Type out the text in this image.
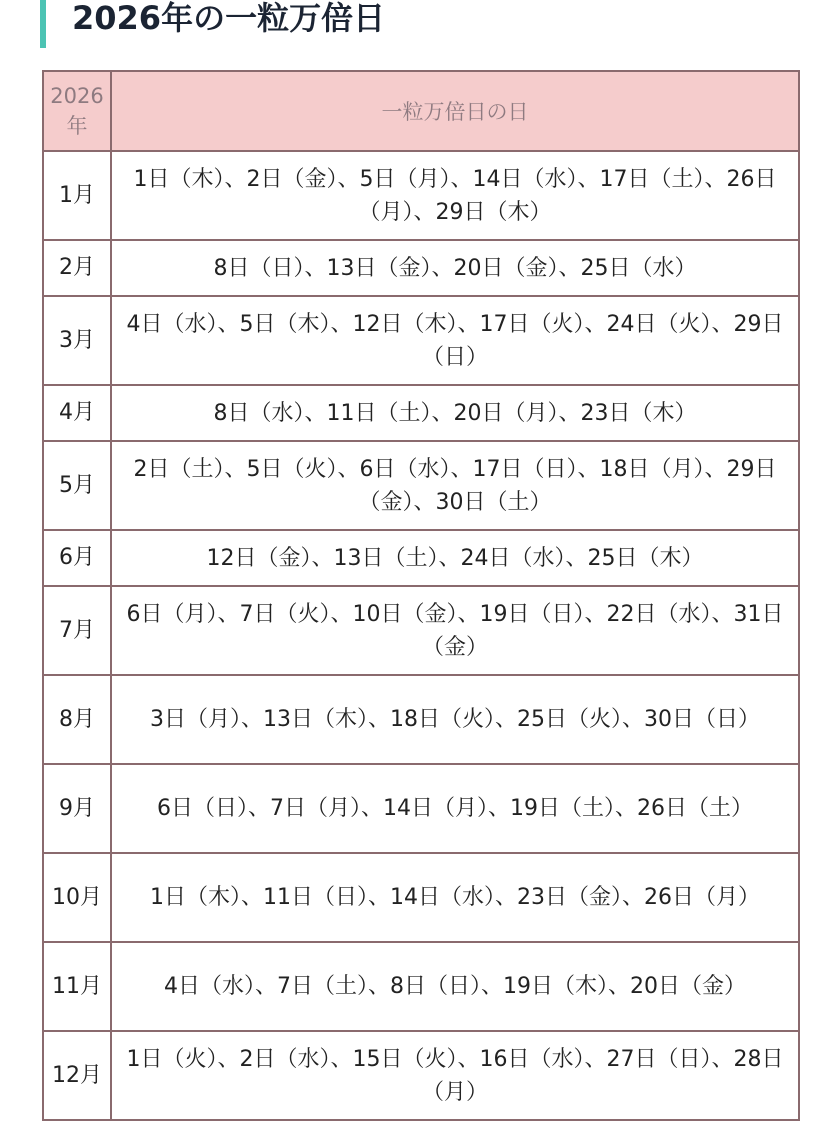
2026年の一粒万倍日
2026年	一粒万倍日の日
1月	1日（木）、2日（金）、5日（月）、14日（水）、17日（土）、26日（月）、29日（木）
2月	8日（日）、13日（金）、20日（金）、25日（水）
3月	4日（水）、5日（木）、12日（木）、17日（火）、24日（火）、29日（日）
4月	8日（水）、11日（土）、20日（月）、23日（木）
5月	2日（土）、5日（火）、6日（水）、17日（日）、18日（月）、29日（金）、30日（土）
6月	12日（金）、13日（土）、24日（水）、25日（木）
7月	6日（月）、7日（火）、10日（金）、19日（日）、22日（水）、31日（金）
8月	3日（月）、13日（木）、18日（火）、25日（火）、30日（日）
9月	6日（日）、7日（月）、14日（月）、19日（土）、26日（土）
10月	1日（木）、11日（日）、14日（水）、23日（金）、26日（月）
11月	4日（水）、7日（土）、8日（日）、19日（木）、20日（金）
12月	1日（火）、2日（水）、15日（火）、16日（水）、27日（日）、28日（月）
